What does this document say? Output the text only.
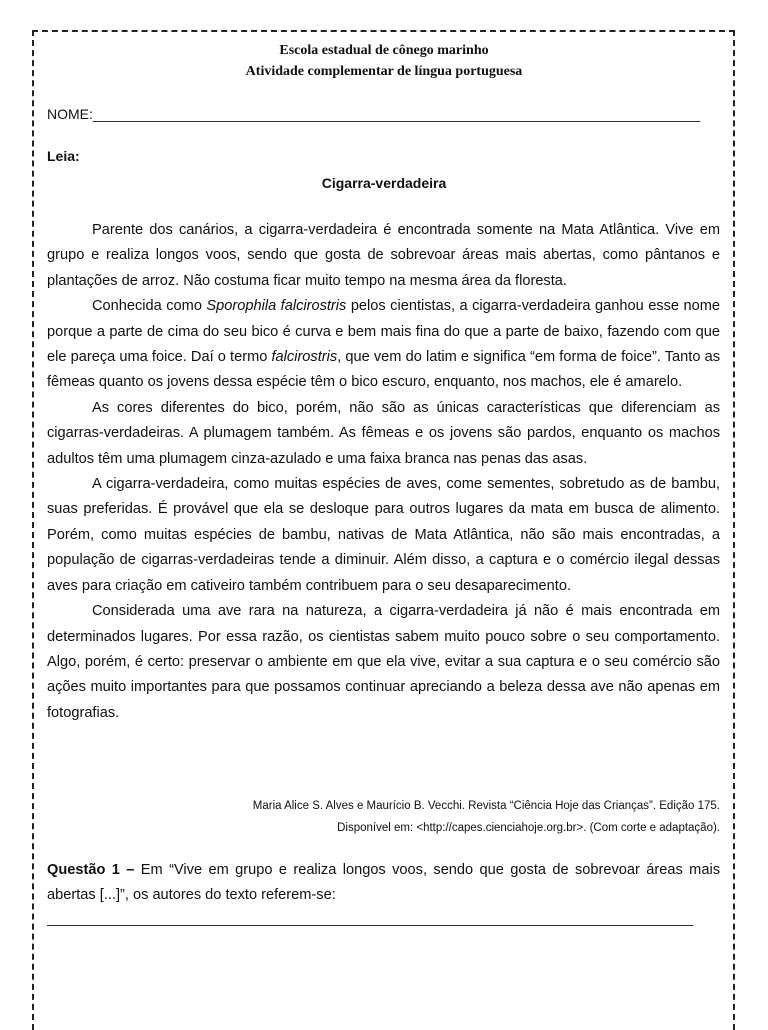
Escola estadual de cônego marinho
Atividade complementar de língua portuguesa
NOME:______________________________________________________________________________
Leia:
Cigarra-verdadeira

Parente dos canários, a cigarra-verdadeira é encontrada somente na Mata Atlântica. Vive em grupo e realiza longos voos, sendo que gosta de sobrevoar áreas mais abertas, como pântanos e plantações de arroz. Não costuma ficar muito tempo na mesma área da floresta.

Conhecida como Sporophila falcirostris pelos cientistas, a cigarra-verdadeira ganhou esse nome porque a parte de cima do seu bico é curva e bem mais fina do que a parte de baixo, fazendo com que ele pareça uma foice. Daí o termo falcirostris, que vem do latim e significa “em forma de foice”. Tanto as fêmeas quanto os jovens dessa espécie têm o bico escuro, enquanto, nos machos, ele é amarelo.

As cores diferentes do bico, porém, não são as únicas características que diferenciam as cigarras-verdadeiras. A plumagem também. As fêmeas e os jovens são pardos, enquanto os machos adultos têm uma plumagem cinza-azulado e uma faixa branca nas penas das asas.

A cigarra-verdadeira, como muitas espécies de aves, come sementes, sobretudo as de bambu, suas preferidas. É provável que ela se desloque para outros lugares da mata em busca de alimento. Porém, como muitas espécies de bambu, nativas de Mata Atlântica, não são mais encontradas, a população de cigarras-verdadeiras tende a diminuir. Além disso, a captura e o comércio ilegal dessas aves para criação em cativeiro também contribuem para o seu desaparecimento.

Considerada uma ave rara na natureza, a cigarra-verdadeira já não é mais encontrada em determinados lugares. Por essa razão, os cientistas sabem muito pouco sobre o seu comportamento. Algo, porém, é certo: preservar o ambiente em que ela vive, evitar a sua captura e o seu comércio são ações muito importantes para que possamos continuar apreciando a beleza dessa ave não apenas em fotografias.

Maria Alice S. Alves e Maurício B. Vecchi. Revista “Ciência Hoje das Crianças”. Edição 175.
Disponível em: <http://capes.cienciahoje.org.br>. (Com corte e adaptação).
Questão 1 – Em “Vive em grupo e realiza longos voos, sendo que gosta de sobrevoar áreas mais abertas [...]”, os autores do texto referem-se:
___________________________________________________________________________________
